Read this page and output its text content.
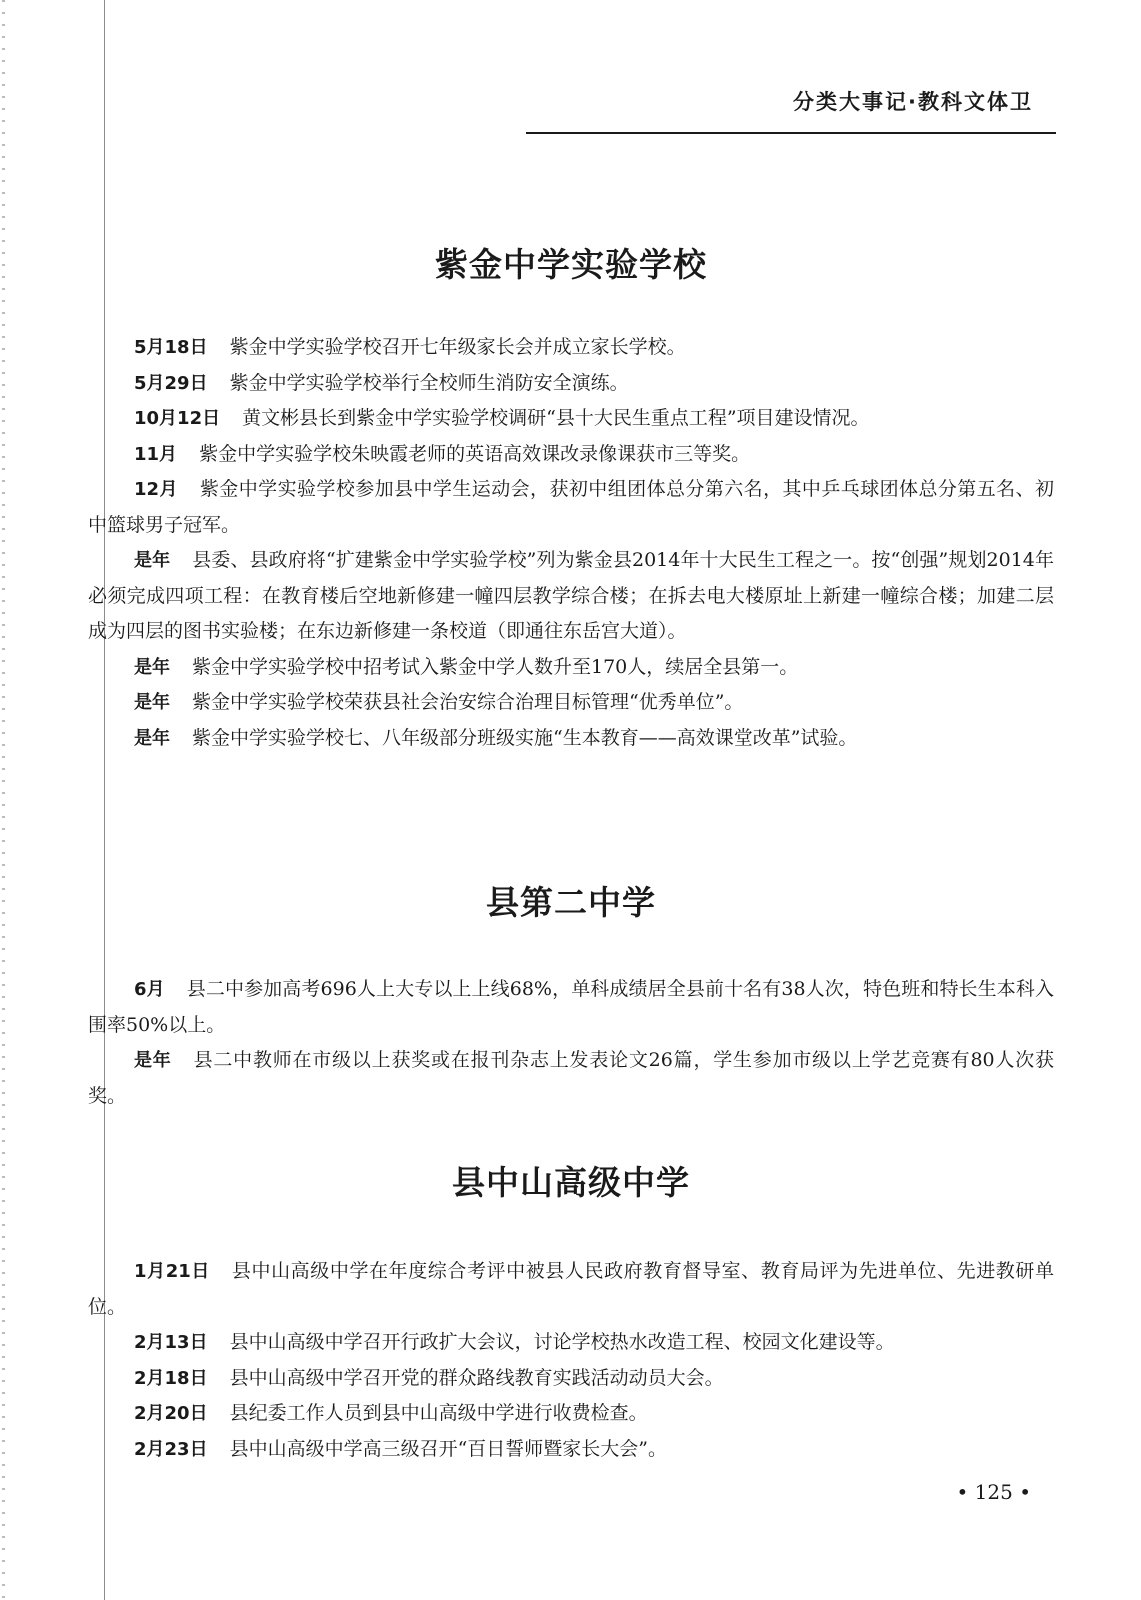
分类大事记·教科文体卫
紫金中学实验学校

5月18日 紫金中学实验学校召开七年级家长会并成立家长学校。

5月29日 紫金中学实验学校举行全校师生消防安全演练。

10月12日 黄文彬县长到紫金中学实验学校调研“县十大民生重点工程”项目建设情况。

11月 紫金中学实验学校朱映霞老师的英语高效课改录像课获市三等奖。

12月 紫金中学实验学校参加县中学生运动会，获初中组团体总分第六名，其中乒乓球团体总分第五名、初中篮球男子冠军。

是年 县委、县政府将“扩建紫金中学实验学校”列为紫金县2014年十大民生工程之一。按“创强”规划2014年必须完成四项工程：在教育楼后空地新修建一幢四层教学综合楼；在拆去电大楼原址上新建一幢综合楼；加建二层成为四层的图书实验楼；在东边新修建一条校道（即通往东岳宫大道）。

是年 紫金中学实验学校中招考试入紫金中学人数升至170人，续居全县第一。

是年 紫金中学实验学校荣获县社会治安综合治理目标管理“优秀单位”。

是年 紫金中学实验学校七、八年级部分班级实施“生本教育——高效课堂改革”试验。

县第二中学

6月 县二中参加高考696人上大专以上上线68%，单科成绩居全县前十名有38人次，特色班和特长生本科入围率50%以上。

是年 县二中教师在市级以上获奖或在报刊杂志上发表论文26篇，学生参加市级以上学艺竞赛有80人次获奖。

县中山高级中学

1月21日 县中山高级中学在年度综合考评中被县人民政府教育督导室、教育局评为先进单位、先进教研单位。

2月13日 县中山高级中学召开行政扩大会议，讨论学校热水改造工程、校园文化建设等。

2月18日 县中山高级中学召开党的群众路线教育实践活动动员大会。

2月20日 县纪委工作人员到县中山高级中学进行收费检查。

2月23日 县中山高级中学高三级召开“百日誓师暨家长大会”。

• 125 •
